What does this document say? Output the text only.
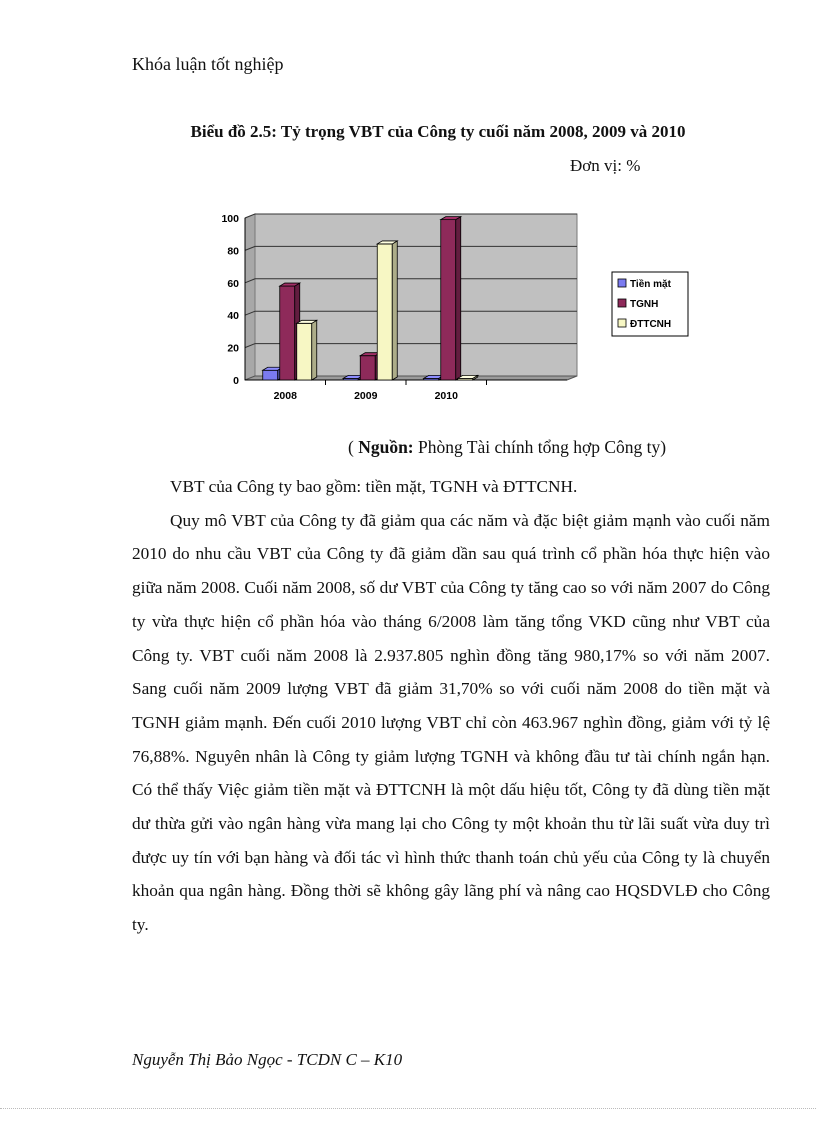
Khóa luận tốt nghiệp
Biểu đồ 2.5: Tỷ trọng VBT của Công ty cuối năm 2008, 2009 và 2010
Đơn vị: %
0
20
40
60
80
100
2008	2009	2010
Tiền mặt
TGNH
ĐTTCNH
( Nguồn: Phòng Tài chính tổng hợp Công ty)

VBT của Công ty bao gồm: tiền mặt, TGNH và ĐTTCNH.

Quy mô VBT của Công ty đã giảm qua các năm và đặc biệt giảm mạnh vào cuối năm 2010 do nhu cầu VBT của Công ty đã giảm dần sau quá trình cổ phần hóa thực hiện vào giữa năm 2008. Cuối năm 2008, số dư VBT của Công ty tăng cao so với năm 2007 do Công ty vừa thực hiện cổ phần hóa vào tháng 6/2008 làm tăng tổng VKD cũng như VBT của Công ty. VBT cuối năm 2008 là 2.937.805 nghìn đồng tăng 980,17% so với năm 2007. Sang cuối năm 2009 lượng VBT đã giảm 31,70% so với cuối năm 2008 do tiền mặt và TGNH giảm mạnh. Đến cuối 2010 lượng VBT chỉ còn 463.967 nghìn đồng, giảm với tỷ lệ 76,88%. Nguyên nhân là Công ty giảm lượng TGNH và không đầu tư tài chính ngắn hạn. Có thể thấy Việc giảm tiền mặt và ĐTTCNH là một dấu hiệu tốt, Công ty đã dùng tiền mặt dư thừa gửi vào ngân hàng vừa mang lại cho Công ty một khoản thu từ lãi suất vừa duy trì được uy tín với bạn hàng và đối tác vì hình thức thanh toán chủ yếu của Công ty là chuyển khoản qua ngân hàng. Đồng thời sẽ không gây lãng phí và nâng cao HQSDVLĐ cho Công ty.

Nguyễn Thị Bảo Ngọc - TCDN C – K10
